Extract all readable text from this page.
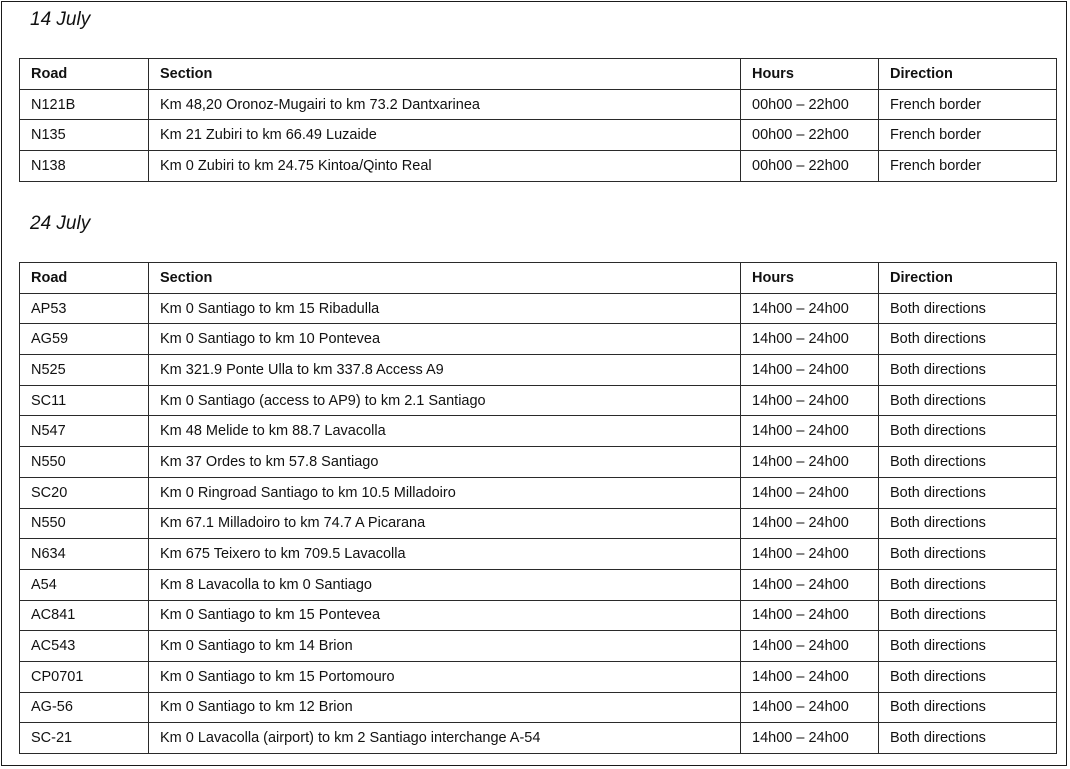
14 July
Road	Section	Hours	Direction
N121B	Km 48,20 Oronoz-Mugairi to km 73.2 Dantxarinea	00h00 – 22h00	French border
N135	Km 21 Zubiri to km 66.49 Luzaide	00h00 – 22h00	French border
N138	Km 0 Zubiri to km 24.75 Kintoa/Qinto Real	00h00 – 22h00	French border
24 July
Road	Section	Hours	Direction
AP53	Km 0 Santiago to km 15 Ribadulla	14h00 – 24h00	Both directions
AG59	Km 0 Santiago to km 10 Pontevea	14h00 – 24h00	Both directions
N525	Km 321.9 Ponte Ulla to km 337.8 Access A9	14h00 – 24h00	Both directions
SC11	Km 0 Santiago (access to AP9) to km 2.1 Santiago	14h00 – 24h00	Both directions
N547	Km 48 Melide to km 88.7 Lavacolla	14h00 – 24h00	Both directions
N550	Km 37 Ordes to km 57.8 Santiago	14h00 – 24h00	Both directions
SC20	Km 0 Ringroad Santiago to km 10.5 Milladoiro	14h00 – 24h00	Both directions
N550	Km 67.1 Milladoiro to km 74.7 A Picarana	14h00 – 24h00	Both directions
N634	Km 675 Teixero to km 709.5 Lavacolla	14h00 – 24h00	Both directions
A54	Km 8 Lavacolla to km 0 Santiago	14h00 – 24h00	Both directions
AC841	Km 0 Santiago to km 15 Pontevea	14h00 – 24h00	Both directions
AC543	Km 0 Santiago to km 14 Brion	14h00 – 24h00	Both directions
CP0701	Km 0 Santiago to km 15 Portomouro	14h00 – 24h00	Both directions
AG-56	Km 0 Santiago to km 12 Brion	14h00 – 24h00	Both directions
SC-21	Km 0 Lavacolla (airport) to km 2 Santiago interchange A-54	14h00 – 24h00	Both directions
